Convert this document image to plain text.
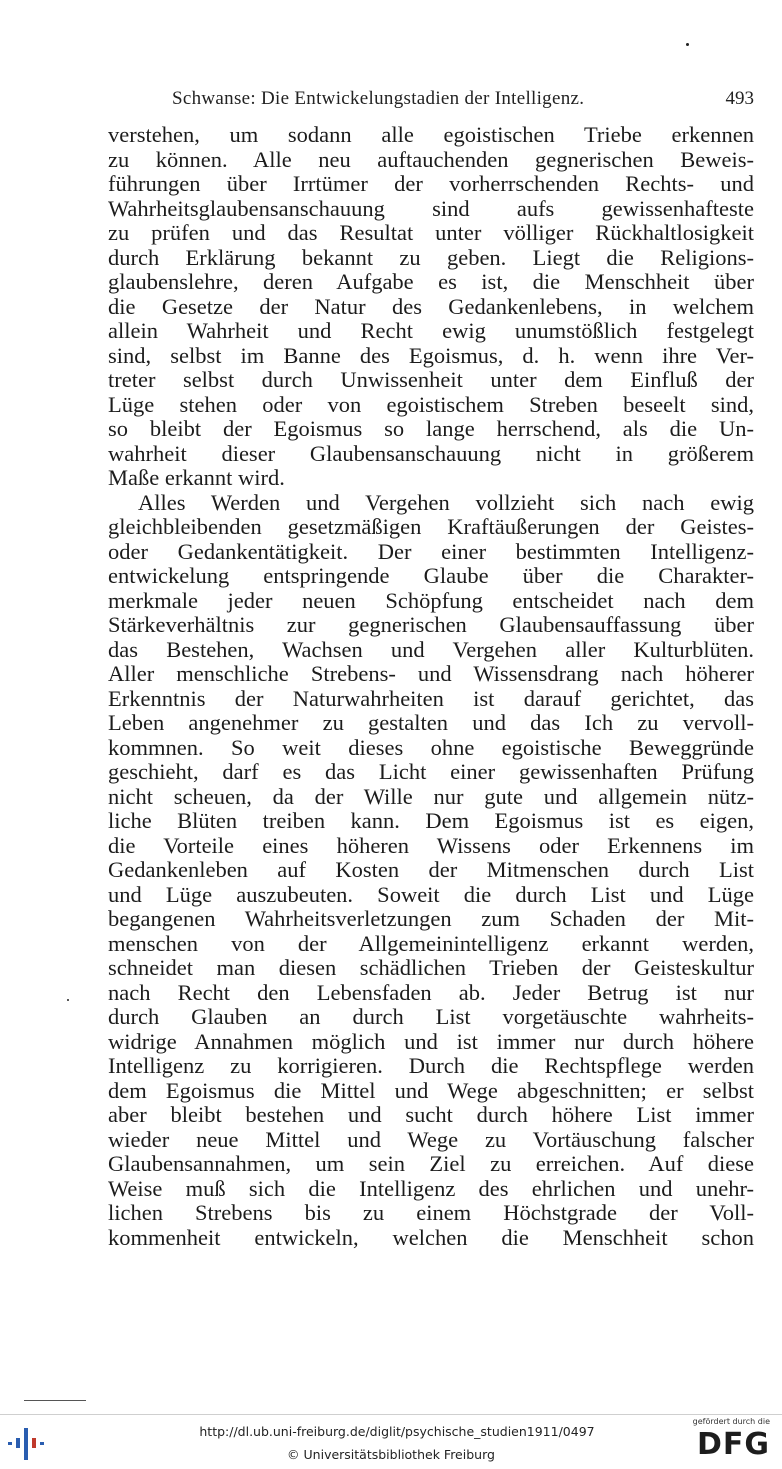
Schwanse: Die Entwickelungstadien der Intelligenz.	493
verstehen, um sodann alle egoistischen Triebe erkennen
zu können. Alle neu auftauchenden gegnerischen Beweis-
führungen über Irrtümer der vorherrschenden Rechts- und
Wahrheitsglaubensanschauung sind aufs gewissenhafteste
zu prüfen und das Resultat unter völliger Rückhaltlosigkeit
durch Erklärung bekannt zu geben. Liegt die Religions-
glaubenslehre, deren Aufgabe es ist, die Menschheit über
die Gesetze der Natur des Gedankenlebens, in welchem
allein Wahrheit und Recht ewig unumstößlich festgelegt
sind, selbst im Banne des Egoismus, d. h. wenn ihre Ver-
treter selbst durch Unwissenheit unter dem Einfluß der
Lüge stehen oder von egoistischem Streben beseelt sind,
so bleibt der Egoismus so lange herrschend, als die Un-
wahrheit dieser Glaubensanschauung nicht in größerem
Maße erkannt wird.
Alles Werden und Vergehen vollzieht sich nach ewig
gleichbleibenden gesetzmäßigen Kraftäußerungen der Geistes-
oder Gedankentätigkeit. Der einer bestimmten Intelligenz-
entwickelung entspringende Glaube über die Charakter-
merkmale jeder neuen Schöpfung entscheidet nach dem
Stärkeverhältnis zur gegnerischen Glaubensauffassung über
das Bestehen, Wachsen und Vergehen aller Kulturblüten.
Aller menschliche Strebens- und Wissensdrang nach höherer
Erkenntnis der Naturwahrheiten ist darauf gerichtet, das
Leben angenehmer zu gestalten und das Ich zu vervoll-
kommnen. So weit dieses ohne egoistische Beweggründe
geschieht, darf es das Licht einer gewissenhaften Prüfung
nicht scheuen, da der Wille nur gute und allgemein nütz-
liche Blüten treiben kann. Dem Egoismus ist es eigen,
die Vorteile eines höheren Wissens oder Erkennens im
Gedankenleben auf Kosten der Mitmenschen durch List
und Lüge auszubeuten. Soweit die durch List und Lüge
begangenen Wahrheitsverletzungen zum Schaden der Mit-
menschen von der Allgemeinintelligenz erkannt werden,
schneidet man diesen schädlichen Trieben der Geisteskultur
nach Recht den Lebensfaden ab. Jeder Betrug ist nur
durch Glauben an durch List vorgetäuschte wahrheits-
widrige Annahmen möglich und ist immer nur durch höhere
Intelligenz zu korrigieren. Durch die Rechtspflege werden
dem Egoismus die Mittel und Wege abgeschnitten; er selbst
aber bleibt bestehen und sucht durch höhere List immer
wieder neue Mittel und Wege zu Vortäuschung falscher
Glaubensannahmen, um sein Ziel zu erreichen. Auf diese
Weise muß sich die Intelligenz des ehrlichen und unehr-
lichen Strebens bis zu einem Höchstgrade der Voll-
kommenheit entwickeln, welchen die Menschheit schon
http://dl.ub.uni-freiburg.de/diglit/psychische_studien1911/0497
© Universitätsbibliothek Freiburg
gefördert durch die
DFG
